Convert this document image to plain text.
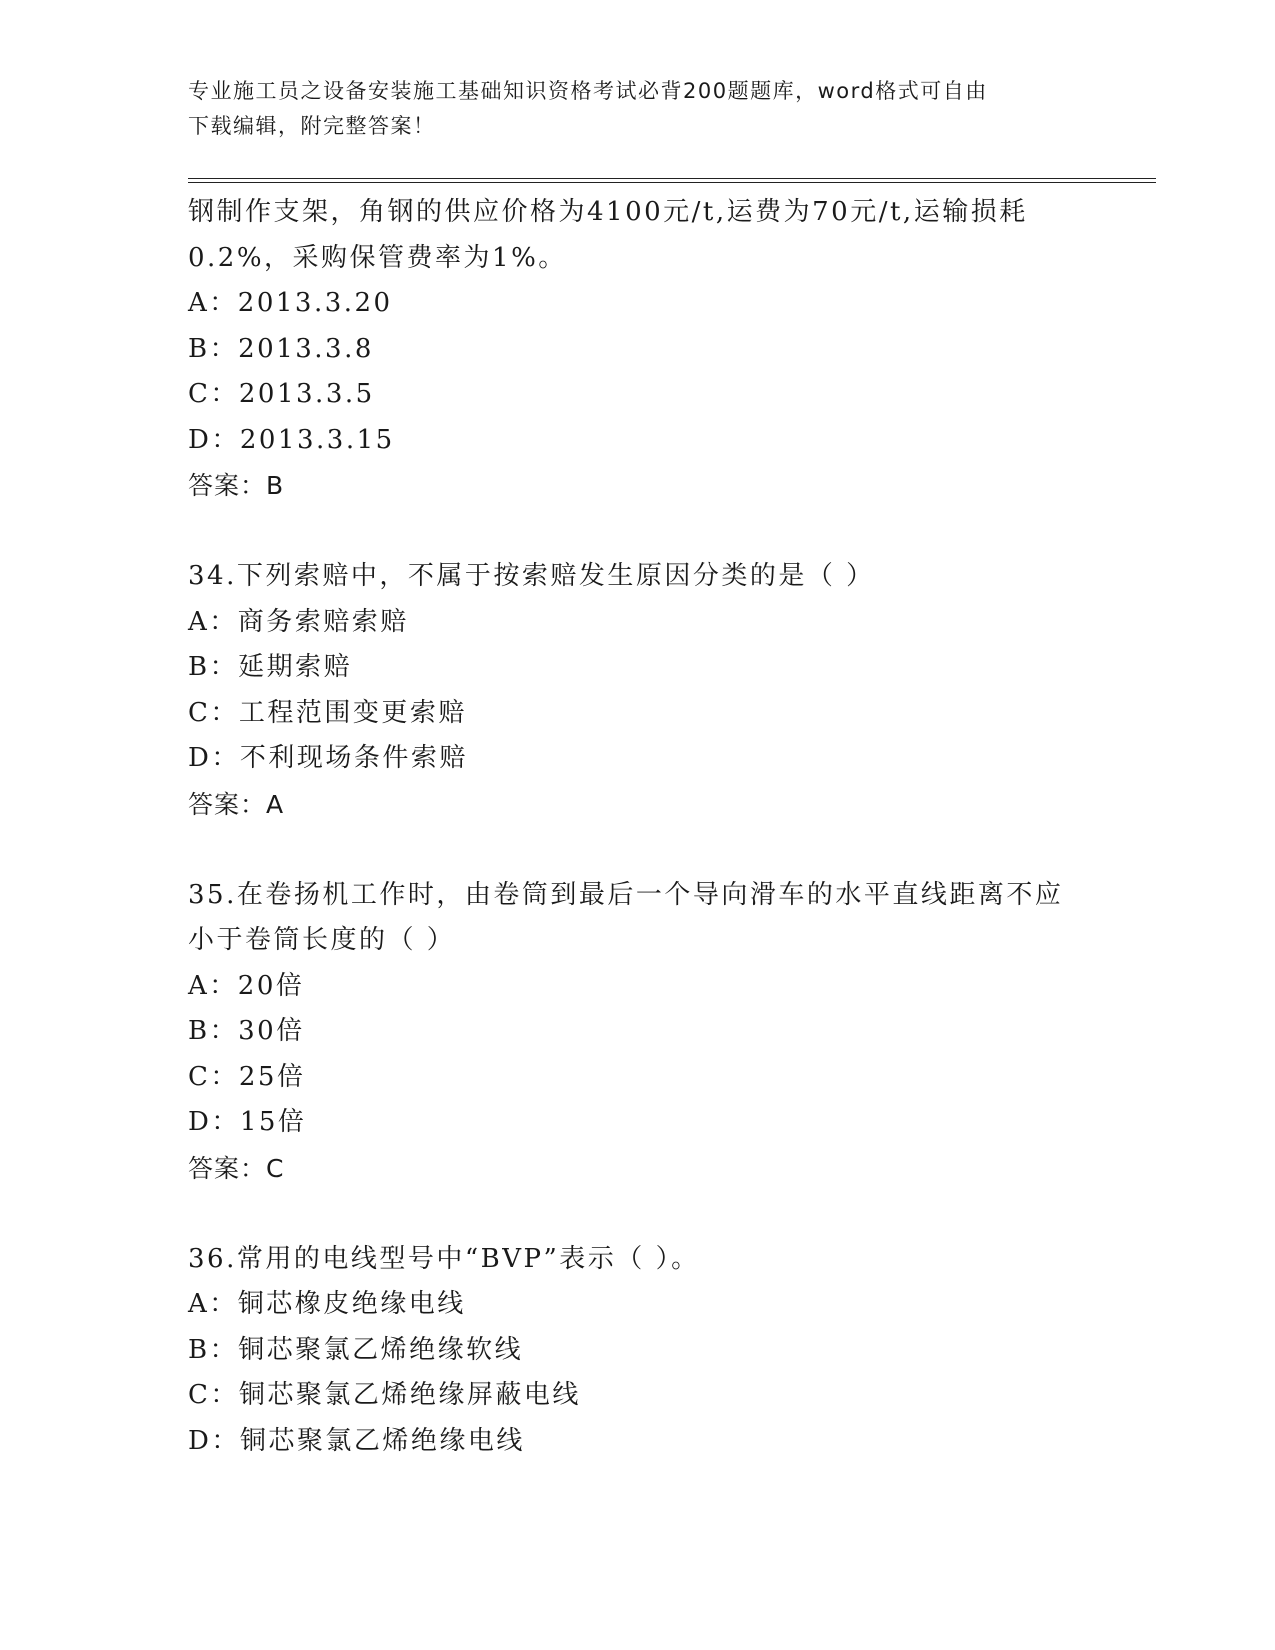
专业施工员之设备安装施工基础知识资格考试必背200题题库，word格式可自由
下载编辑，附完整答案！
钢制作支架，角钢的供应价格为4100元/t,运费为70元/t,运输损耗
0.2%，采购保管费率为1%。
A：2013.3.20
B：2013.3.8
C：2013.3.5
D：2013.3.15
答案：B
34.下列索赔中，不属于按索赔发生原因分类的是（ ）
A：商务索赔索赔
B：延期索赔
C：工程范围变更索赔
D：不利现场条件索赔
答案：A
35.在卷扬机工作时，由卷筒到最后一个导向滑车的水平直线距离不应
小于卷筒长度的（ ）
A：20倍
B：30倍
C：25倍
D：15倍
答案：C
36.常用的电线型号中“BVP”表示（ ）。
A：铜芯橡皮绝缘电线
B：铜芯聚氯乙烯绝缘软线
C：铜芯聚氯乙烯绝缘屏蔽电线
D：铜芯聚氯乙烯绝缘电线
